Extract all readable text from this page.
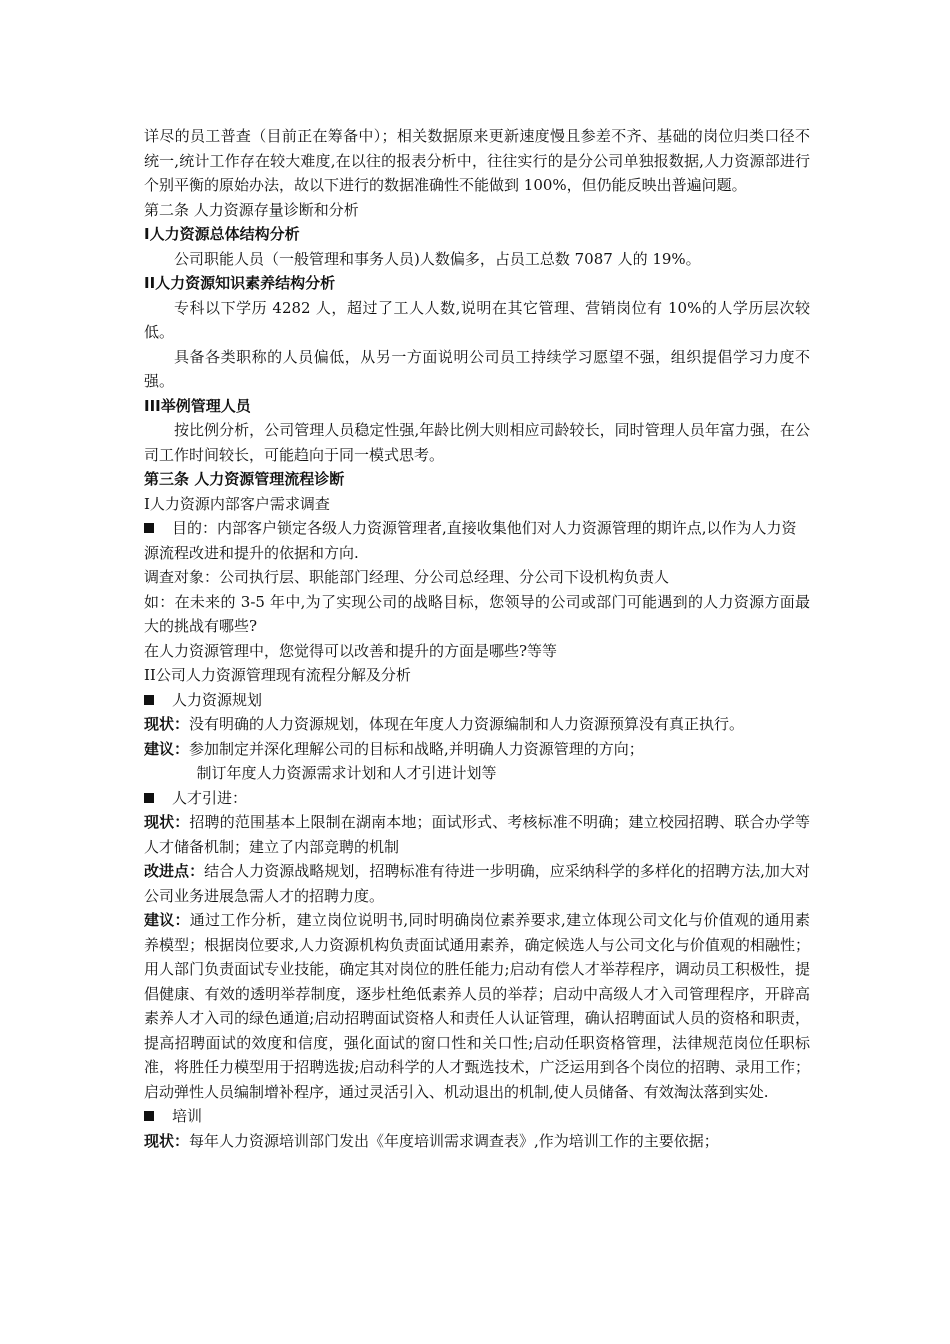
详尽的员工普查（目前正在筹备中）；相关数据原来更新速度慢且参差不齐、基础的岗位归类口径不统一,统计工作存在较大难度,在以往的报表分析中，往往实行的是分公司单独报数据,人力资源部进行个别平衡的原始办法，故以下进行的数据准确性不能做到 100%，但仍能反映出普遍问题。
第二条 人力资源存量诊断和分析
I人力资源总体结构分析
公司职能人员（一般管理和事务人员)人数偏多，占员工总数 7087 人的 19%。
II人力资源知识素养结构分析
专科以下学历 4282 人，超过了工人人数,说明在其它管理、营销岗位有 10%的人学历层次较低。
具备各类职称的人员偏低，从另一方面说明公司员工持续学习愿望不强，组织提倡学习力度不强。
III举例管理人员
按比例分析，公司管理人员稳定性强,年龄比例大则相应司龄较长，同时管理人员年富力强，在公司工作时间较长，可能趋向于同一模式思考。
第三条 人力资源管理流程诊断
I人力资源内部客户需求调查
目的：内部客户锁定各级人力资源管理者,直接收集他们对人力资源管理的期许点,以作为人力资源流程改进和提升的依据和方向.
调查对象：公司执行层、职能部门经理、分公司总经理、分公司下设机构负责人
如：在未来的 3-5 年中,为了实现公司的战略目标，您领导的公司或部门可能遇到的人力资源方面最大的挑战有哪些?
在人力资源管理中，您觉得可以改善和提升的方面是哪些?等等
II公司人力资源管理现有流程分解及分析
人力资源规划
现状：没有明确的人力资源规划，体现在年度人力资源编制和人力资源预算没有真正执行。
建议：参加制定并深化理解公司的目标和战略,并明确人力资源管理的方向；
制订年度人力资源需求计划和人才引进计划等
人才引进：
现状：招聘的范围基本上限制在湖南本地；面试形式、考核标准不明确；建立校园招聘、联合办学等人才储备机制；建立了内部竞聘的机制
改进点：结合人力资源战略规划，招聘标准有待进一步明确，应采纳科学的多样化的招聘方法,加大对公司业务进展急需人才的招聘力度。
建议：通过工作分析，建立岗位说明书,同时明确岗位素养要求,建立体现公司文化与价值观的通用素养模型；根据岗位要求,人力资源机构负责面试通用素养，确定候选人与公司文化与价值观的相融性； 用人部门负责面试专业技能，确定其对岗位的胜任能力;启动有偿人才举荐程序，调动员工积极性，提倡健康、有效的透明举荐制度，逐步杜绝低素养人员的举荐；启动中高级人才入司管理程序，开辟高素养人才入司的绿色通道;启动招聘面试资格人和责任人认证管理，确认招聘面试人员的资格和职责，提高招聘面试的效度和信度，强化面试的窗口性和关口性;启动任职资格管理，法律规范岗位任职标准，将胜任力模型用于招聘选拔;启动科学的人才甄选技术，广泛运用到各个岗位的招聘、录用工作；启动弹性人员编制增补程序，通过灵活引入、机动退出的机制,使人员储备、有效淘汰落到实处.
培训
现状：每年人力资源培训部门发出《年度培训需求调查表》,作为培训工作的主要依据；
